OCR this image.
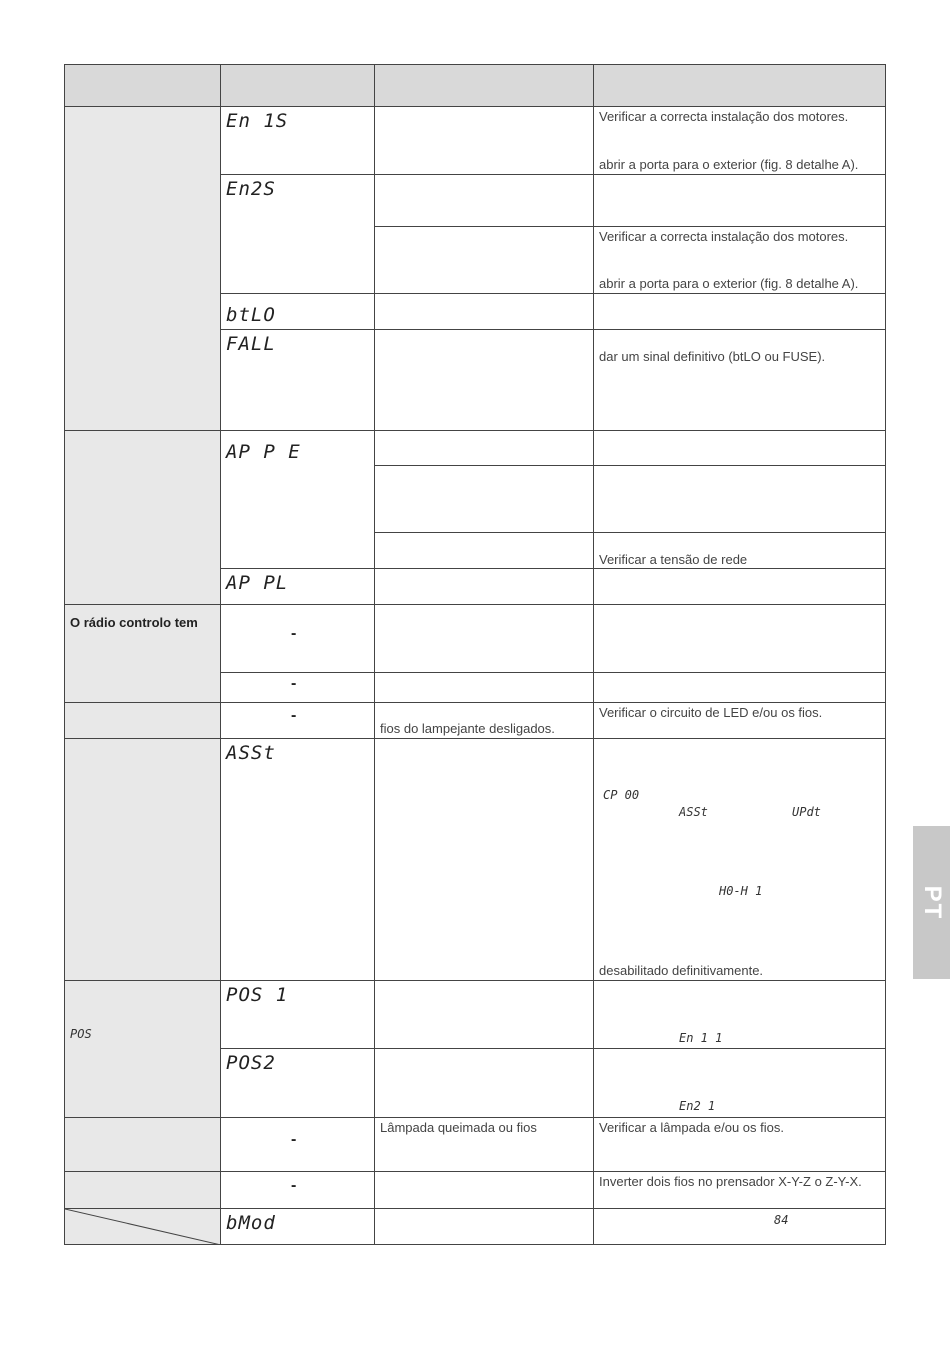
En 1S
En2S
btLO
FALL
AP P E
AP PL
ASSt
POS 1
POS2
bMod
-
-
-
-
-
O rádio controlo tem
POS
fios do lampejante desligados.
Lâmpada queimada ou fios
Verificar a correcta instalação dos motores.
abrir a porta para o exterior (fig. 8 detalhe A).
Verificar a correcta instalação dos motores.
abrir a porta para o exterior (fig. 8 detalhe A).
dar um sinal definitivo (btLO ou FUSE).
Verificar a tensão de rede
Verificar o circuito de LED e/ou os fios.
CP 00
ASSt	UPdt
H0-H 1
desabilitado definitivamente.
En 1 1
En2 1
Verificar a lâmpada e/ou os fios.
Inverter dois fios no prensador X-Y-Z o Z-Y-X.
84
PT
